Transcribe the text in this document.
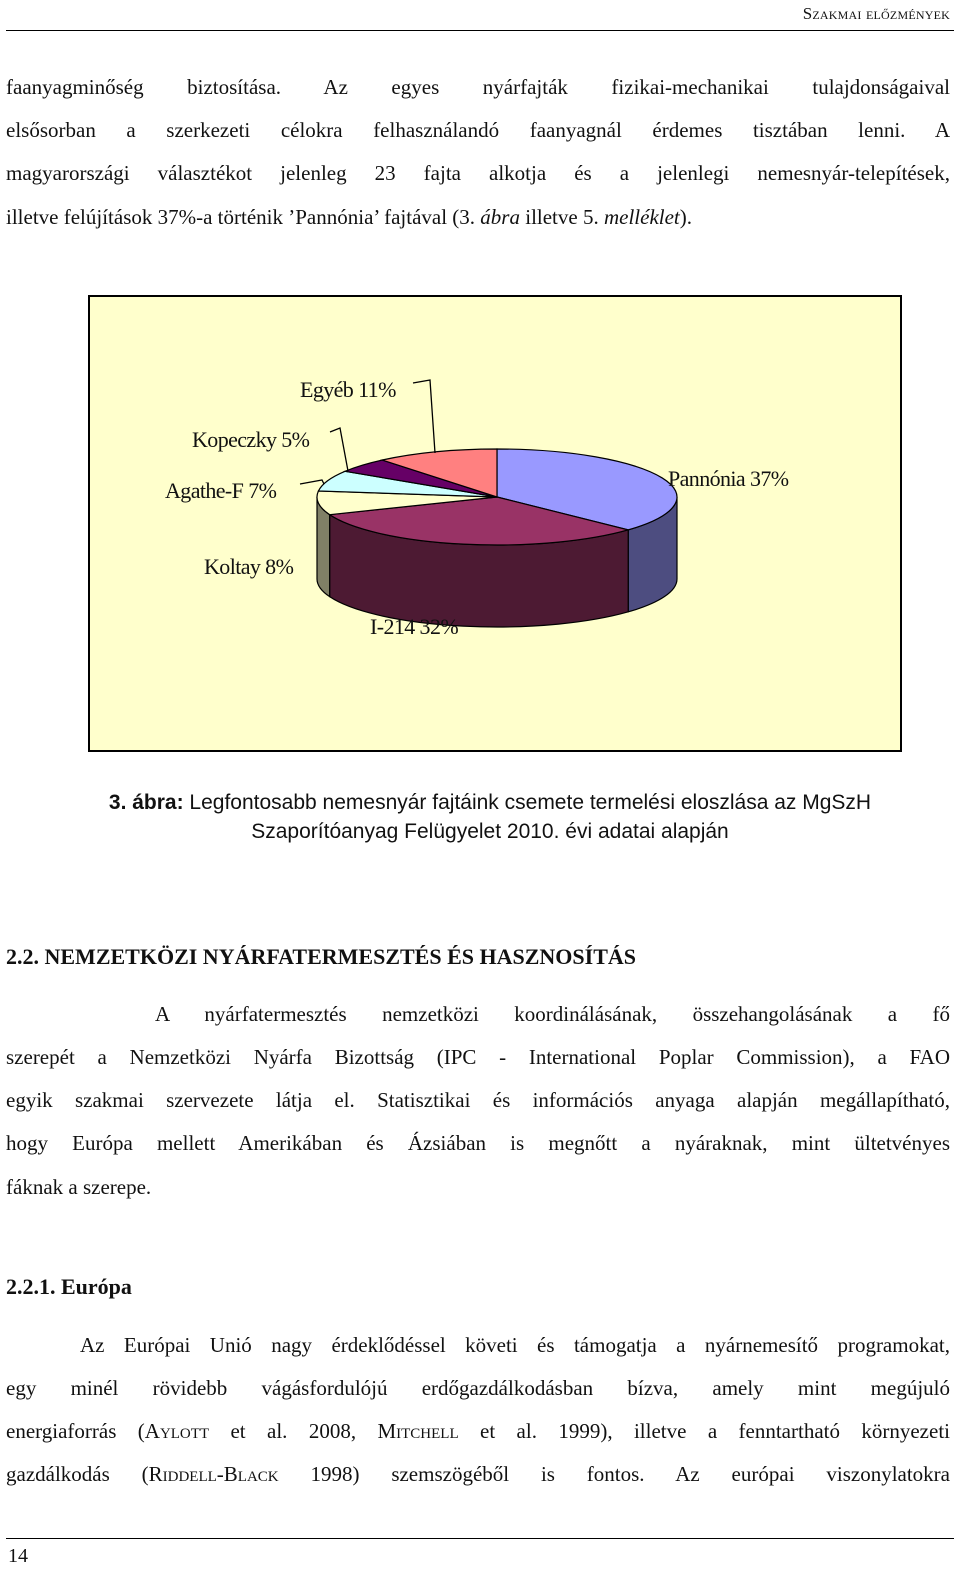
Szakmai előzmények

faanyagminőség biztosítása. Az egyes nyárfajták fizikai-mechanikai tulajdonságaival

elsősorban a szerkezeti célokra felhasználandó faanyagnál érdemes tisztában lenni. A

magyarországi választékot jelenleg 23 fajta alkotja és a jelenlegi nemesnyár-telepítések,

illetve felújítások 37%-a történik ’Pannónia’ fajtával (3. ábra illetve 5. melléklet).

Pannónia 37%
I-214 32%
Koltay 8%
Agathe-F 7%
Kopeczky 5%
Egyéb 11%

3. ábra: Legfontosabb nemesnyár fajtáink csemete termelési eloszlása az MgSzH

Szaporítóanyag Felügyelet 2010. évi adatai alapján

2.2. NEMZETKÖZI NYÁRFATERMESZTÉS ÉS HASZNOSÍTÁS

A nyárfatermesztés nemzetközi koordinálásának, összehangolásának a fő

szerepét a Nemzetközi Nyárfa Bizottság (IPC - International Poplar Commission), a FAO

egyik szakmai szervezete látja el. Statisztikai és információs anyaga alapján megállapítható,

hogy Európa mellett Amerikában és Ázsiában is megnőtt a nyáraknak, mint ültetvényes

fáknak a szerepe.

2.2.1. Európa

Az Európai Unió nagy érdeklődéssel követi és támogatja a nyárnemesítő programokat,

egy minél rövidebb vágásfordulójú erdőgazdálkodásban bízva, amely mint megújuló

energiaforrás (Aylott et al. 2008, Mitchell et al. 1999), illetve a fenntartható környezeti

gazdálkodás (Riddell-Black 1998) szemszögéből is fontos. Az európai viszonylatokra

14
